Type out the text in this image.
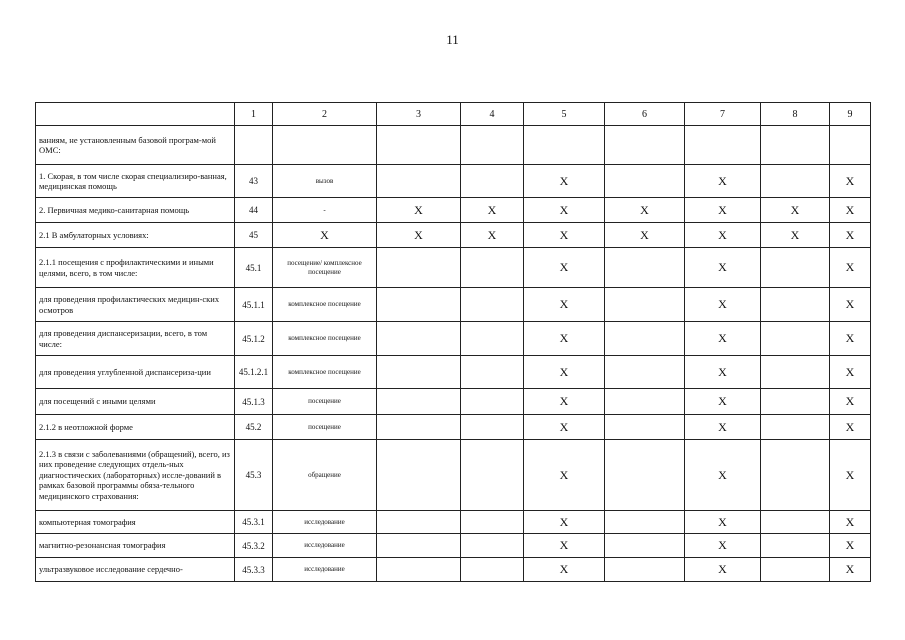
11
	1	2	3	4	5	6	7	8	9
ваниям, не установленным базовой програм-мой ОМС:									
1. Скорая, в том числе скорая специализиро-ванная, медицинская помощь	43	вызов			X		X		X
2. Первичная медико-санитарная помощь	44	-	X	X	X	X	X	X	X
2.1 В амбулаторных условиях:	45	X	X	X	X	X	X	X	X
2.1.1 посещения с профилактическими и иными целями, всего, в том числе:	45.1	посещение/ комплексное посещение			X		X		X
для проведения профилактических медицин-ских осмотров	45.1.1	комплексное посещение			X		X		X
для проведения диспансеризации, всего, в том числе:	45.1.2	комплексное посещение			X		X		X
для проведения углубленной диспансериза-ции	45.1.2.1	комплексное посещение			X		X		X
для посещений с иными целями	45.1.3	посещение			X		X		X
2.1.2 в неотложной форме	45.2	посещение			X		X		X
2.1.3 в связи с заболеваниями (обращений), всего, из них проведение следующих отдель-ных диагностических (лабораторных) иссле-дований в рамках базовой программы обяза-тельного медицинского страхования:	45.3	обращение			X		X		X
компьютерная томография	45.3.1	исследование			X		X		X
магнитно-резонансная томография	45.3.2	исследование			X		X		X
ультразвуковое исследование сердечно-	45.3.3	исследование			X		X		X
